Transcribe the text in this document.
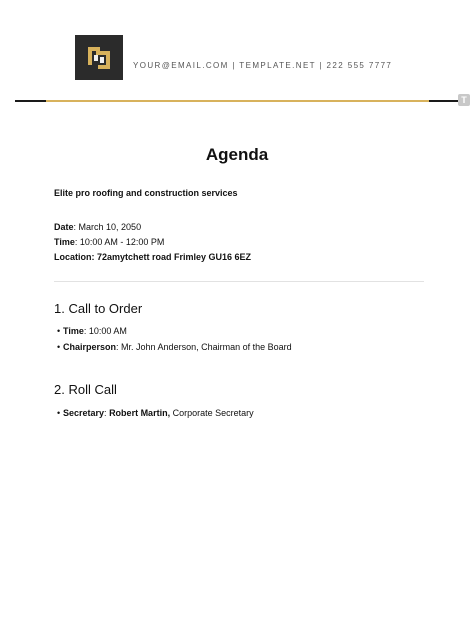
YOUR@EMAIL.COM | TEMPLATE.NET | 222 555 7777
T
Agenda
Elite pro roofing and construction services
Date: March 10, 2050
Time: 10:00 AM - 12:00 PM
Location: 72amytchett road Frimley GU16 6EZ
1. Call to Order
• Time: 10:00 AM
• Chairperson: Mr. John Anderson, Chairman of the Board
2. Roll Call
• Secretary: Robert Martin, Corporate Secretary
